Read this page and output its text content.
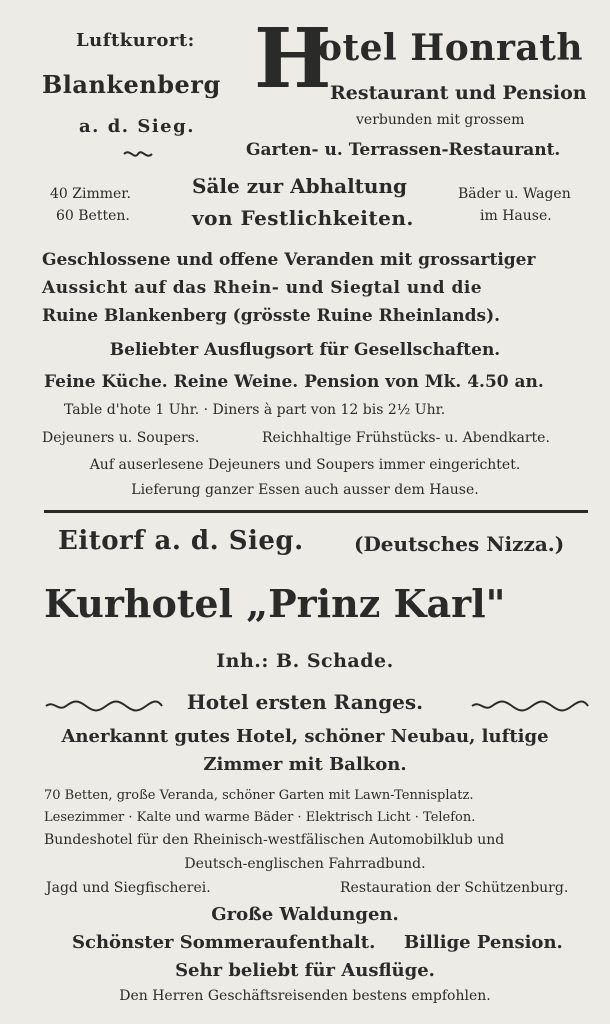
Luftkurort:
Blankenberg
a. d. Sieg.
H
otel Honrath
Restaurant und Pension
verbunden mit grossem
Garten- u. Terrassen-Restaurant.
40 Zimmer.
60 Betten.
Säle zur Abhaltung
von Festlichkeiten.
Bäder u. Wagen
im Hause.
Geschlossene und offene Veranden mit grossartiger
Aussicht auf das Rhein- und Siegtal und die
Ruine Blankenberg (grösste Ruine Rheinlands).
Beliebter Ausflugsort für Gesellschaften.
Feine Küche. Reine Weine. Pension von Mk. 4.50 an.
Table d'hote 1 Uhr. · Diners à part von 12 bis 2½ Uhr.
Dejeuners u. Soupers.	Reichhaltige Frühstücks- u. Abendkarte.
Auf auserlesene Dejeuners und Soupers immer eingerichtet.
Lieferung ganzer Essen auch ausser dem Hause.
Eitorf a. d. Sieg.	(Deutsches Nizza.)
Kurhotel „Prinz Karl"
Inh.: B. Schade.
Hotel ersten Ranges.
Anerkannt gutes Hotel, schöner Neubau, luftige
Zimmer mit Balkon.
70 Betten, große Veranda, schöner Garten mit Lawn-Tennisplatz.
Lesezimmer · Kalte und warme Bäder · Elektrisch Licht · Telefon.
Bundeshotel für den Rheinisch-westfälischen Automobilklub und
Deutsch-englischen Fahrradbund.
Jagd und Siegfischerei.	Restauration der Schützenburg.
Große Waldungen.
Schönster Sommeraufenthalt. Billige Pension.
Sehr beliebt für Ausflüge.
Den Herren Geschäftsreisenden bestens empfohlen.
